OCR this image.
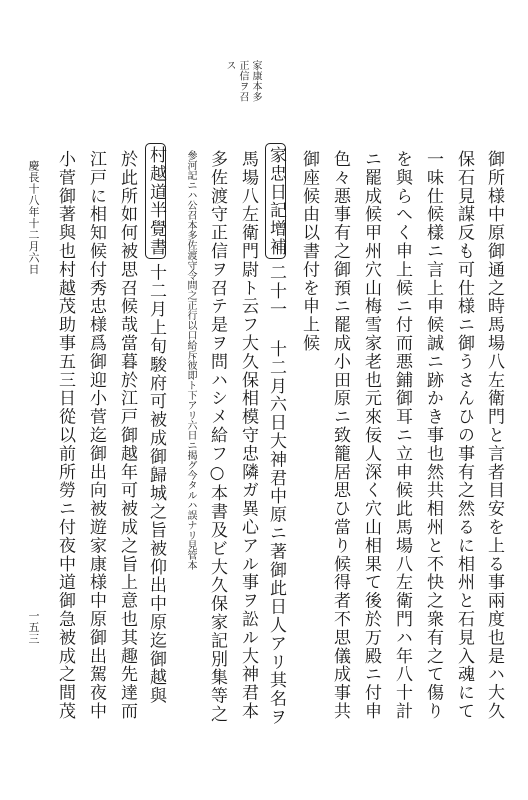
家康本多
正信ヲ召
ス
御所様中原御通之時馬場八左衛門と言者目安を上る事兩度也是ハ大久
保石見謀反も可仕様ニ御うさんひの事有之然るに相州と石見入魂にて
一味仕候樣ニ言上申候誠ニ跡かき事也然共相州と不快之衆有之て傷り
を與らへく申上候ニ付而悪鋪御耳ニ立申候此馬場八左衛門ハ年八十計
ニ罷成候甲州穴山梅雪家老也元來佞人深く穴山相果て後於万殿ニ付申
色々悪事有之御預ニ罷成小田原ニ致籠居思ひ當り候得者不思儀成事共
御座候由以書付を申上候
家忠日記增補二十一 十二月六日大神君中原ニ著御此日人アリ其名ヲ
馬場八左衛門尉ト云フ大久保相模守忠隣ガ異心アル事ヲ訟ル大神君本
多佐渡守正信ヲ召テ是ヲ問ハシメ給フ○本書及ビ大久保家記別集等之
參河記ニハ公召本多佐渡守令問之正行以口給斥彼即ト下アリ六日ニ揭グ今タルハ誤ナリ見管本
村越道半覺書十二月上旬駿府可被成御歸城之旨被仰出中原迄御越與
於此所如何被思召候哉當暮於江戸御越年可被成之旨上意也其趣先達而
江戸に相知候付秀忠様爲御迎小菅迄御出向被遊家康様中原御出駕夜中
小菅御著與也村越茂助事五三日從以前所勞ニ付夜中道御急被成之間茂
慶長十八年十二月六日
一五三
